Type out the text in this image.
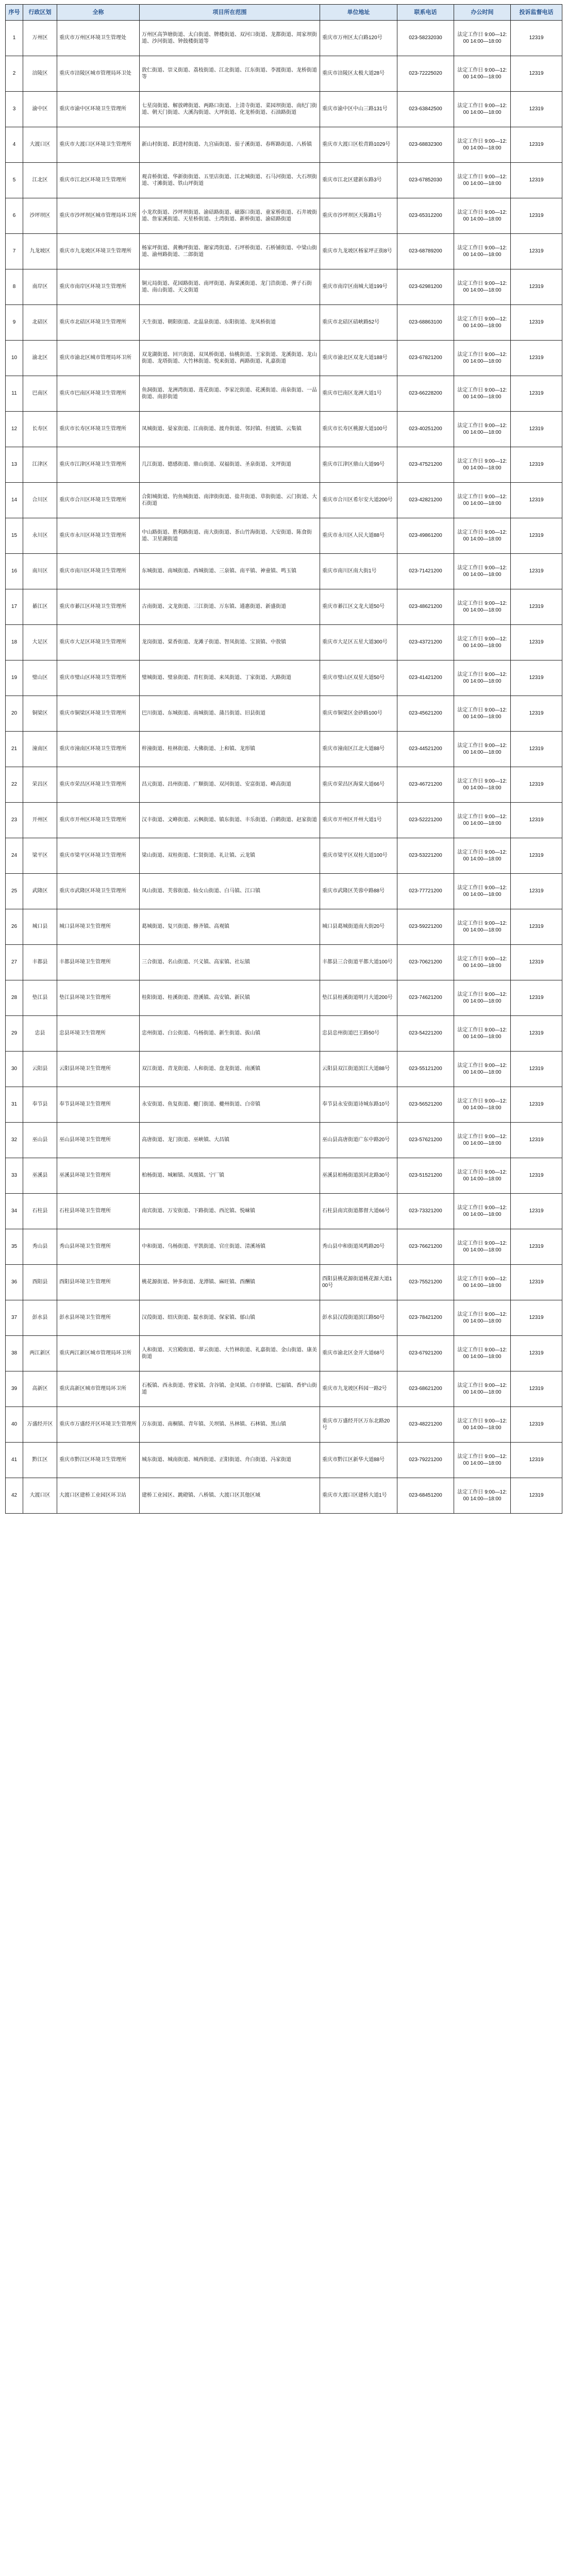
序号	行政区划	全称	项目所在范围	单位地址	联系电话	办公时间	投诉监督电话
1	万州区	重庆市万州区环境卫生管理处	万州区高笋塘街道、太白街道、牌楼街道、双河口街道、龙都街道、周家坝街道、沙河街道、钟鼓楼街道等	重庆市万州区太白路120号	023-58232030	法定工作日 9:00—12:00 14:00—18:00	12319
2	涪陵区	重庆市涪陵区城市管理局环卫处	敦仁街道、崇义街道、荔枝街道、江北街道、江东街道、李渡街道、龙桥街道等	重庆市涪陵区太极大道28号	023-72225020	法定工作日 9:00—12:00 14:00—18:00	12319
3	渝中区	重庆市渝中区环境卫生管理所	七星岗街道、解放碑街道、两路口街道、上清寺街道、菜园坝街道、南纪门街道、朝天门街道、大溪沟街道、大坪街道、化龙桥街道、石油路街道	重庆市渝中区中山三路131号	023-63842500	法定工作日 9:00—12:00 14:00—18:00	12319
4	大渡口区	重庆市大渡口区环境卫生管理所	新山村街道、跃进村街道、九宫庙街道、茄子溪街道、春晖路街道、八桥镇	重庆市大渡口区松青路1029号	023-68832300	法定工作日 9:00—12:00 14:00—18:00	12319
5	江北区	重庆市江北区环境卫生管理所	观音桥街道、华新街街道、五里店街道、江北城街道、石马河街道、大石坝街道、寸滩街道、铁山坪街道	重庆市江北区建新东路3号	023-67852030	法定工作日 9:00—12:00 14:00—18:00	12319
6	沙坪坝区	重庆市沙坪坝区城市管理局环卫所	小龙坎街道、沙坪坝街道、渝碚路街道、磁器口街道、童家桥街道、石井坡街道、詹家溪街道、天星桥街道、土湾街道、新桥街道、渝碚路街道	重庆市沙坪坝区天陈路1号	023-65312200	法定工作日 9:00—12:00 14:00—18:00	12319
7	九龙坡区	重庆市九龙坡区环境卫生管理所	杨家坪街道、黄桷坪街道、谢家湾街道、石坪桥街道、石桥铺街道、中梁山街道、渝州路街道、二郎街道	重庆市九龙坡区杨家坪正街8号	023-68789200	法定工作日 9:00—12:00 14:00—18:00	12319
8	南岸区	重庆市南岸区环境卫生管理所	铜元局街道、花园路街道、南坪街道、海棠溪街道、龙门浩街道、弹子石街道、南山街道、天文街道	重庆市南岸区南城大道199号	023-62981200	法定工作日 9:00—12:00 14:00—18:00	12319
9	北碚区	重庆市北碚区环境卫生管理所	天生街道、朝阳街道、北温泉街道、东阳街道、龙凤桥街道	重庆市北碚区碚峡路52号	023-68863100	法定工作日 9:00—12:00 14:00—18:00	12319
10	渝北区	重庆市渝北区城市管理局环卫所	双龙湖街道、回兴街道、双凤桥街道、仙桃街道、王家街道、龙溪街道、龙山街道、龙塔街道、大竹林街道、悦来街道、两路街道、礼嘉街道	重庆市渝北区双龙大道188号	023-67821200	法定工作日 9:00—12:00 14:00—18:00	12319
11	巴南区	重庆市巴南区环境卫生管理所	鱼洞街道、龙洲湾街道、莲花街道、李家沱街道、花溪街道、南泉街道、一品街道、南彭街道	重庆市巴南区龙洲大道1号	023-66228200	法定工作日 9:00—12:00 14:00—18:00	12319
12	长寿区	重庆市长寿区环境卫生管理所	凤城街道、晏家街道、江南街道、渡舟街道、邻封镇、但渡镇、云集镇	重庆市长寿区桃源大道100号	023-40251200	法定工作日 9:00—12:00 14:00—18:00	12319
13	江津区	重庆市江津区环境卫生管理所	几江街道、德感街道、鼎山街道、双福街道、圣泉街道、支坪街道	重庆市江津区鼎山大道99号	023-47521200	法定工作日 9:00—12:00 14:00—18:00	12319
14	合川区	重庆市合川区环境卫生管理所	合阳城街道、钓鱼城街道、南津街街道、盐井街道、草街街道、云门街道、大石街道	重庆市合川区希尔安大道200号	023-42821200	法定工作日 9:00—12:00 14:00—18:00	12319
15	永川区	重庆市永川区环境卫生管理所	中山路街道、胜利路街道、南大街街道、茶山竹海街道、大安街道、陈食街道、卫星湖街道	重庆市永川区人民大道88号	023-49861200	法定工作日 9:00—12:00 14:00—18:00	12319
16	南川区	重庆市南川区环境卫生管理所	东城街道、南城街道、西城街道、三泉镇、南平镇、神童镇、鸣玉镇	重庆市南川区南大街1号	023-71421200	法定工作日 9:00—12:00 14:00—18:00	12319
17	綦江区	重庆市綦江区环境卫生管理所	古南街道、文龙街道、三江街道、万东镇、通惠街道、新盛街道	重庆市綦江区文龙大道50号	023-48621200	法定工作日 9:00—12:00 14:00—18:00	12319
18	大足区	重庆市大足区环境卫生管理所	龙岗街道、棠香街道、龙滩子街道、智凤街道、宝顶镇、中敖镇	重庆市大足区五星大道300号	023-43721200	法定工作日 9:00—12:00 14:00—18:00	12319
19	璧山区	重庆市璧山区环境卫生管理所	璧城街道、璧泉街道、青杠街道、来凤街道、丁家街道、大路街道	重庆市璧山区双星大道50号	023-41421200	法定工作日 9:00—12:00 14:00—18:00	12319
20	铜梁区	重庆市铜梁区环境卫生管理所	巴川街道、东城街道、南城街道、蒲吕街道、旧县街道	重庆市铜梁区金砂路100号	023-45621200	法定工作日 9:00—12:00 14:00—18:00	12319
21	潼南区	重庆市潼南区环境卫生管理所	梓潼街道、桂林街道、大佛街道、上和镇、龙形镇	重庆市潼南区江北大道88号	023-44521200	法定工作日 9:00—12:00 14:00—18:00	12319
22	荣昌区	重庆市荣昌区环境卫生管理所	昌元街道、昌州街道、广顺街道、双河街道、安富街道、峰高街道	重庆市荣昌区海棠大道66号	023-46721200	法定工作日 9:00—12:00 14:00—18:00	12319
23	开州区	重庆市开州区环境卫生管理所	汉丰街道、文峰街道、云枫街道、镇东街道、丰乐街道、白鹤街道、赵家街道	重庆市开州区开州大道1号	023-52221200	法定工作日 9:00—12:00 14:00—18:00	12319
24	梁平区	重庆市梁平区环境卫生管理所	梁山街道、双桂街道、仁贤街道、礼让镇、云龙镇	重庆市梁平区双桂大道100号	023-53221200	法定工作日 9:00—12:00 14:00—18:00	12319
25	武隆区	重庆市武隆区环境卫生管理所	凤山街道、芙蓉街道、仙女山街道、白马镇、江口镇	重庆市武隆区芙蓉中路88号	023-77721200	法定工作日 9:00—12:00 14:00—18:00	12319
26	城口县	城口县环境卫生管理所	葛城街道、复兴街道、修齐镇、高观镇	城口县葛城街道南大街20号	023-59221200	法定工作日 9:00—12:00 14:00—18:00	12319
27	丰都县	丰都县环境卫生管理所	三合街道、名山街道、兴义镇、高家镇、社坛镇	丰都县三合街道平都大道100号	023-70621200	法定工作日 9:00—12:00 14:00—18:00	12319
28	垫江县	垫江县环境卫生管理所	桂阳街道、桂溪街道、澄溪镇、高安镇、新民镇	垫江县桂溪街道明月大道200号	023-74621200	法定工作日 9:00—12:00 14:00—18:00	12319
29	忠县	忠县环境卫生管理所	忠州街道、白公街道、乌杨街道、新生街道、拔山镇	忠县忠州街道巴王路50号	023-54221200	法定工作日 9:00—12:00 14:00—18:00	12319
30	云阳县	云阳县环境卫生管理所	双江街道、青龙街道、人和街道、盘龙街道、南溪镇	云阳县双江街道滨江大道88号	023-55121200	法定工作日 9:00—12:00 14:00—18:00	12319
31	奉节县	奉节县环境卫生管理所	永安街道、鱼复街道、夔门街道、夔州街道、白帝镇	奉节县永安街道诗城东路10号	023-56521200	法定工作日 9:00—12:00 14:00—18:00	12319
32	巫山县	巫山县环境卫生管理所	高唐街道、龙门街道、巫峡镇、大昌镇	巫山县高唐街道广东中路20号	023-57621200	法定工作日 9:00—12:00 14:00—18:00	12319
33	巫溪县	巫溪县环境卫生管理所	柏杨街道、城厢镇、凤凰镇、宁厂镇	巫溪县柏杨街道滨河北路30号	023-51521200	法定工作日 9:00—12:00 14:00—18:00	12319
34	石柱县	石柱县环境卫生管理所	南宾街道、万安街道、下路街道、西沱镇、悦崃镇	石柱县南宾街道都督大道66号	023-73321200	法定工作日 9:00—12:00 14:00—18:00	12319
35	秀山县	秀山县环境卫生管理所	中和街道、乌杨街道、平凯街道、官庄街道、清溪场镇	秀山县中和街道凤鸣路20号	023-76621200	法定工作日 9:00—12:00 14:00—18:00	12319
36	酉阳县	酉阳县环境卫生管理所	桃花源街道、钟多街道、龙潭镇、麻旺镇、酉酬镇	酉阳县桃花源街道桃花源大道100号	023-75521200	法定工作日 9:00—12:00 14:00—18:00	12319
37	彭水县	彭水县环境卫生管理所	汉葭街道、绍庆街道、靛水街道、保家镇、郁山镇	彭水县汉葭街道滨江路50号	023-78421200	法定工作日 9:00—12:00 14:00—18:00	12319
38	两江新区	重庆两江新区城市管理局环卫所	人和街道、天宫殿街道、翠云街道、大竹林街道、礼嘉街道、金山街道、康美街道	重庆市渝北区金开大道68号	023-67921200	法定工作日 9:00—12:00 14:00—18:00	12319
39	高新区	重庆高新区城市管理局环卫所	石板镇、西永街道、曾家镇、含谷镇、金凤镇、白市驿镇、巴福镇、香炉山街道	重庆市九龙坡区科园一路2号	023-68621200	法定工作日 9:00—12:00 14:00—18:00	12319
40	万盛经开区	重庆市万盛经开区环境卫生管理所	万东街道、南桐镇、青年镇、关坝镇、丛林镇、石林镇、黑山镇	重庆市万盛经开区万东北路20号	023-48221200	法定工作日 9:00—12:00 14:00—18:00	12319
41	黔江区	重庆市黔江区环境卫生管理所	城东街道、城南街道、城西街道、正阳街道、舟白街道、冯家街道	重庆市黔江区新华大道88号	023-79221200	法定工作日 9:00—12:00 14:00—18:00	12319
42	大渡口区	大渡口区建桥工业园区环卫站	建桥工业园区、跳磴镇、八桥镇、大渡口区其他区域	重庆市大渡口区建桥大道1号	023-68451200	法定工作日 9:00—12:00 14:00—18:00	12319
